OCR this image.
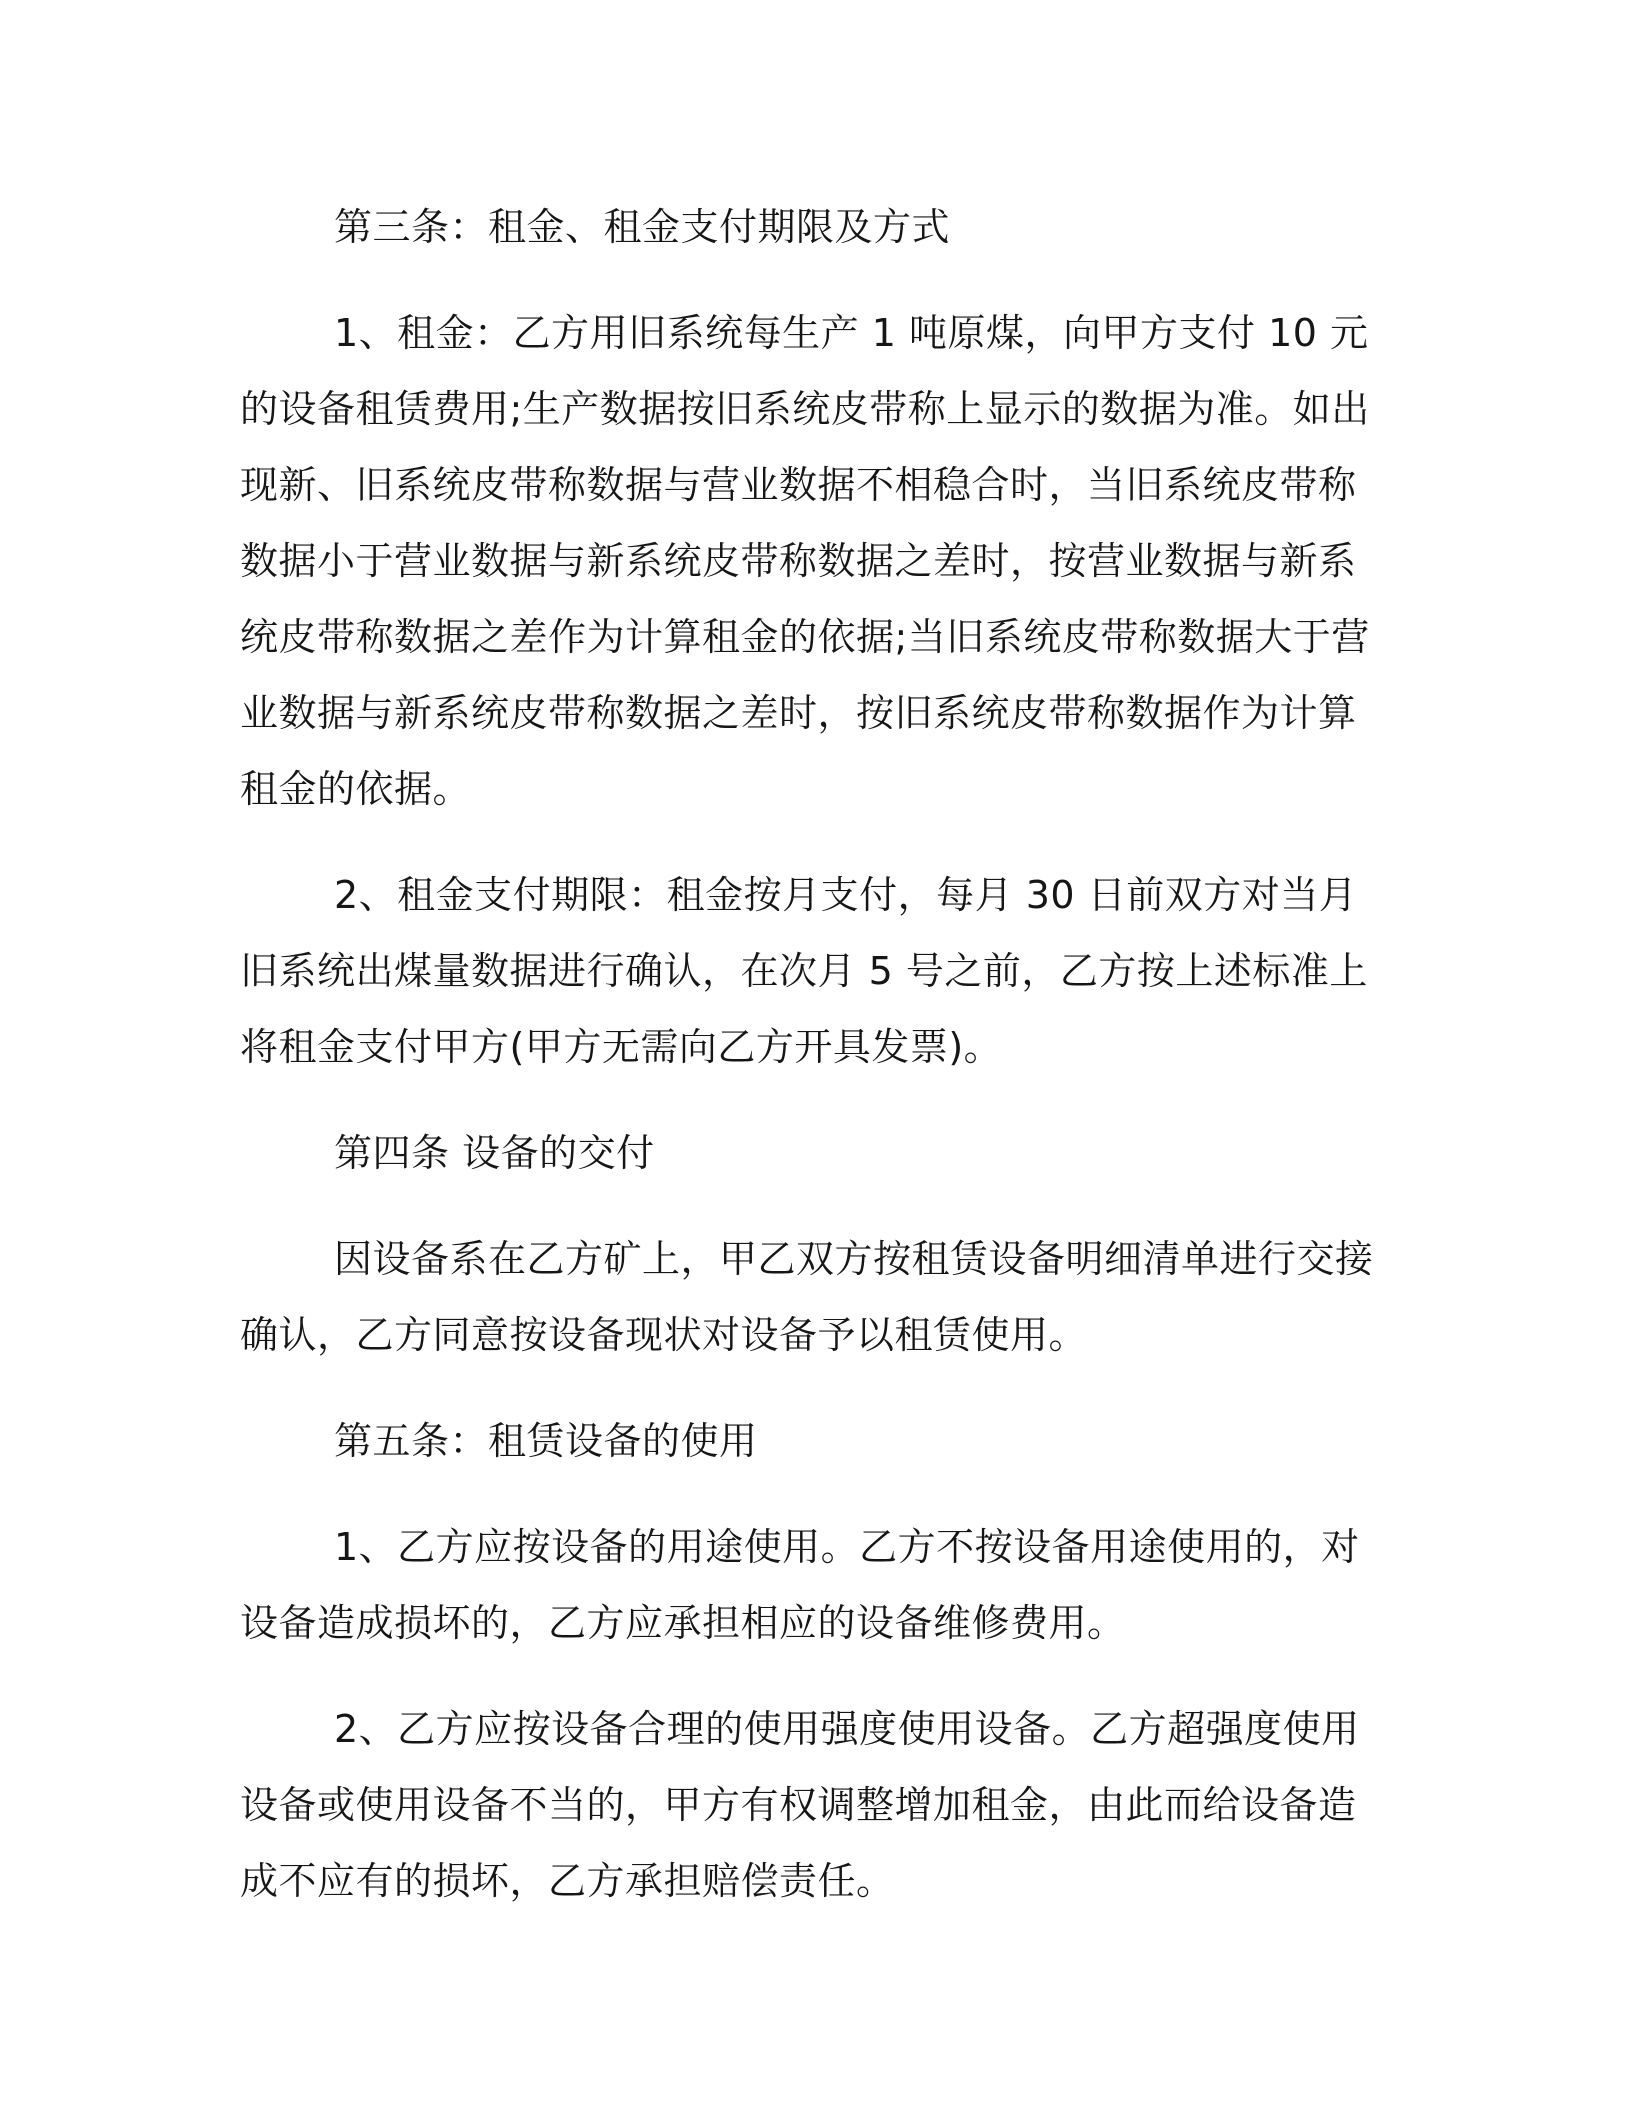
第三条：租金、租金支付期限及方式

1、租金：乙方用旧系统每生产 1 吨原煤，向甲方支付 10 元的设备租赁费用;生产数据按旧系统皮带称上显示的数据为准。如出现新、旧系统皮带称数据与营业数据不相稳合时，当旧系统皮带称数据小于营业数据与新系统皮带称数据之差时，按营业数据与新系统皮带称数据之差作为计算租金的依据;当旧系统皮带称数据大于营业数据与新系统皮带称数据之差时，按旧系统皮带称数据作为计算租金的依据。

2、租金支付期限：租金按月支付，每月 30 日前双方对当月旧系统出煤量数据进行确认，在次月 5 号之前，乙方按上述标准上将租金支付甲方(甲方无需向乙方开具发票)。

第四条 设备的交付

因设备系在乙方矿上，甲乙双方按租赁设备明细清单进行交接确认，乙方同意按设备现状对设备予以租赁使用。

第五条：租赁设备的使用

1、乙方应按设备的用途使用。乙方不按设备用途使用的，对设备造成损坏的，乙方应承担相应的设备维修费用。

2、乙方应按设备合理的使用强度使用设备。乙方超强度使用设备或使用设备不当的，甲方有权调整增加租金，由此而给设备造成不应有的损坏，乙方承担赔偿责任。
